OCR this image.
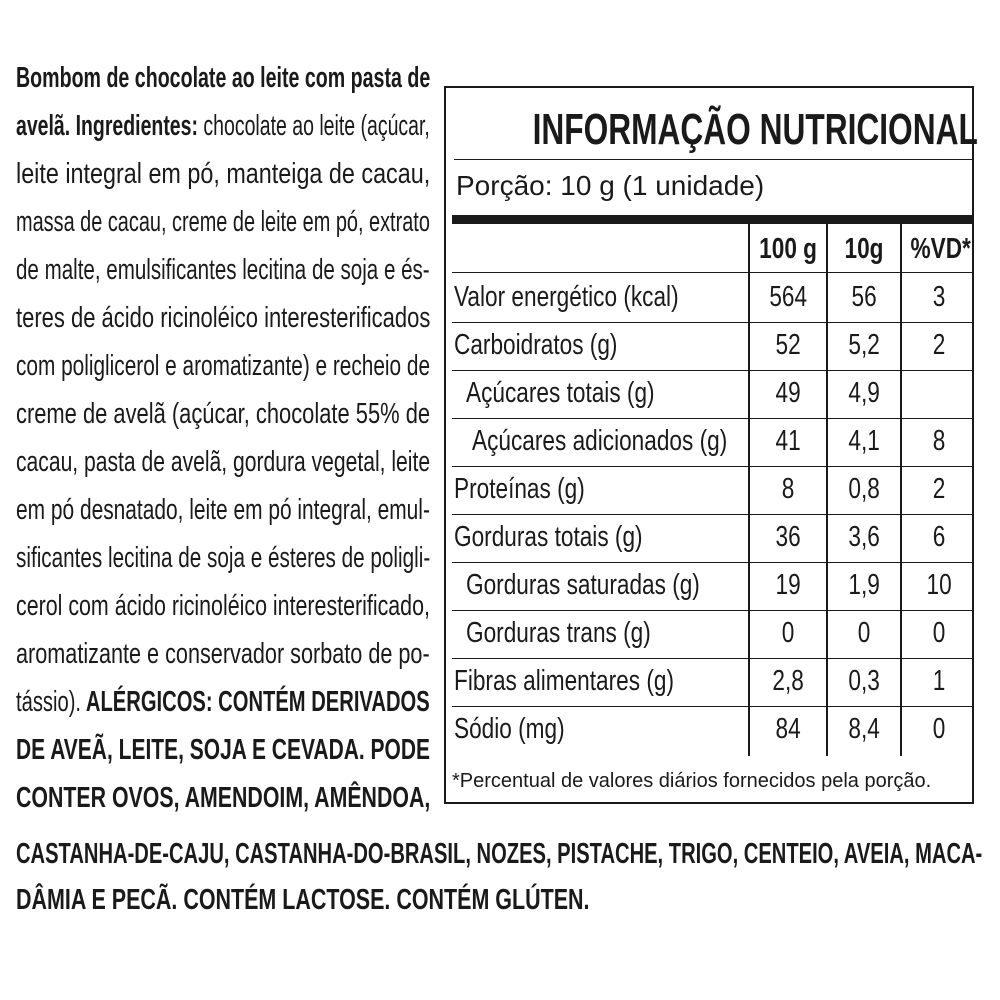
Bombom de chocolate ao leite com pasta de
avelã. Ingredientes: chocolate ao leite (açúcar,
leite integral em pó, manteiga de cacau,
massa de cacau, creme de leite em pó, extrato
de malte, emulsificantes lecitina de soja e és-
teres de ácido ricinoléico interesterificados
com poliglicerol e aromatizante) e recheio de
creme de avelã (açúcar, chocolate 55% de
cacau, pasta de avelã, gordura vegetal, leite
em pó desnatado, leite em pó integral, emul-
sificantes lecitina de soja e ésteres de poligli-
cerol com ácido ricinoléico interesterificado,
aromatizante e conservador sorbato de po-
tássio). ALÉRGICOS: CONTÉM DERIVADOS
DE AVEÃ, LEITE, SOJA E CEVADA. PODE
CONTER OVOS, AMENDOIM, AMÊNDOA,
CASTANHA-DE-CAJU, CASTANHA-DO-BRASIL, NOZES, PISTACHE, TRIGO, CENTEIO, AVEIA, MACA-
DÂMIA E PECÃ. CONTÉM LACTOSE. CONTÉM GLÚTEN.
INFORMAÇÃO NUTRICIONAL
Porção: 10 g (1 unidade)
100 g 10g %VD*
Valor energético (kcal)	564	56	3
Carboidratos (g)	52	5,2	2
Açúcares totais (g)	49	4,9
Açúcares adicionados (g)	41	4,1	8
Proteínas (g)	8	0,8	2
Gorduras totais (g)	36	3,6	6
Gorduras saturadas (g)	19	1,9	10
Gorduras trans (g)	0	0	0
Fibras alimentares (g)	2,8	0,3	1
Sódio (mg)	84	8,4	0
*Percentual de valores diários fornecidos pela porção.
